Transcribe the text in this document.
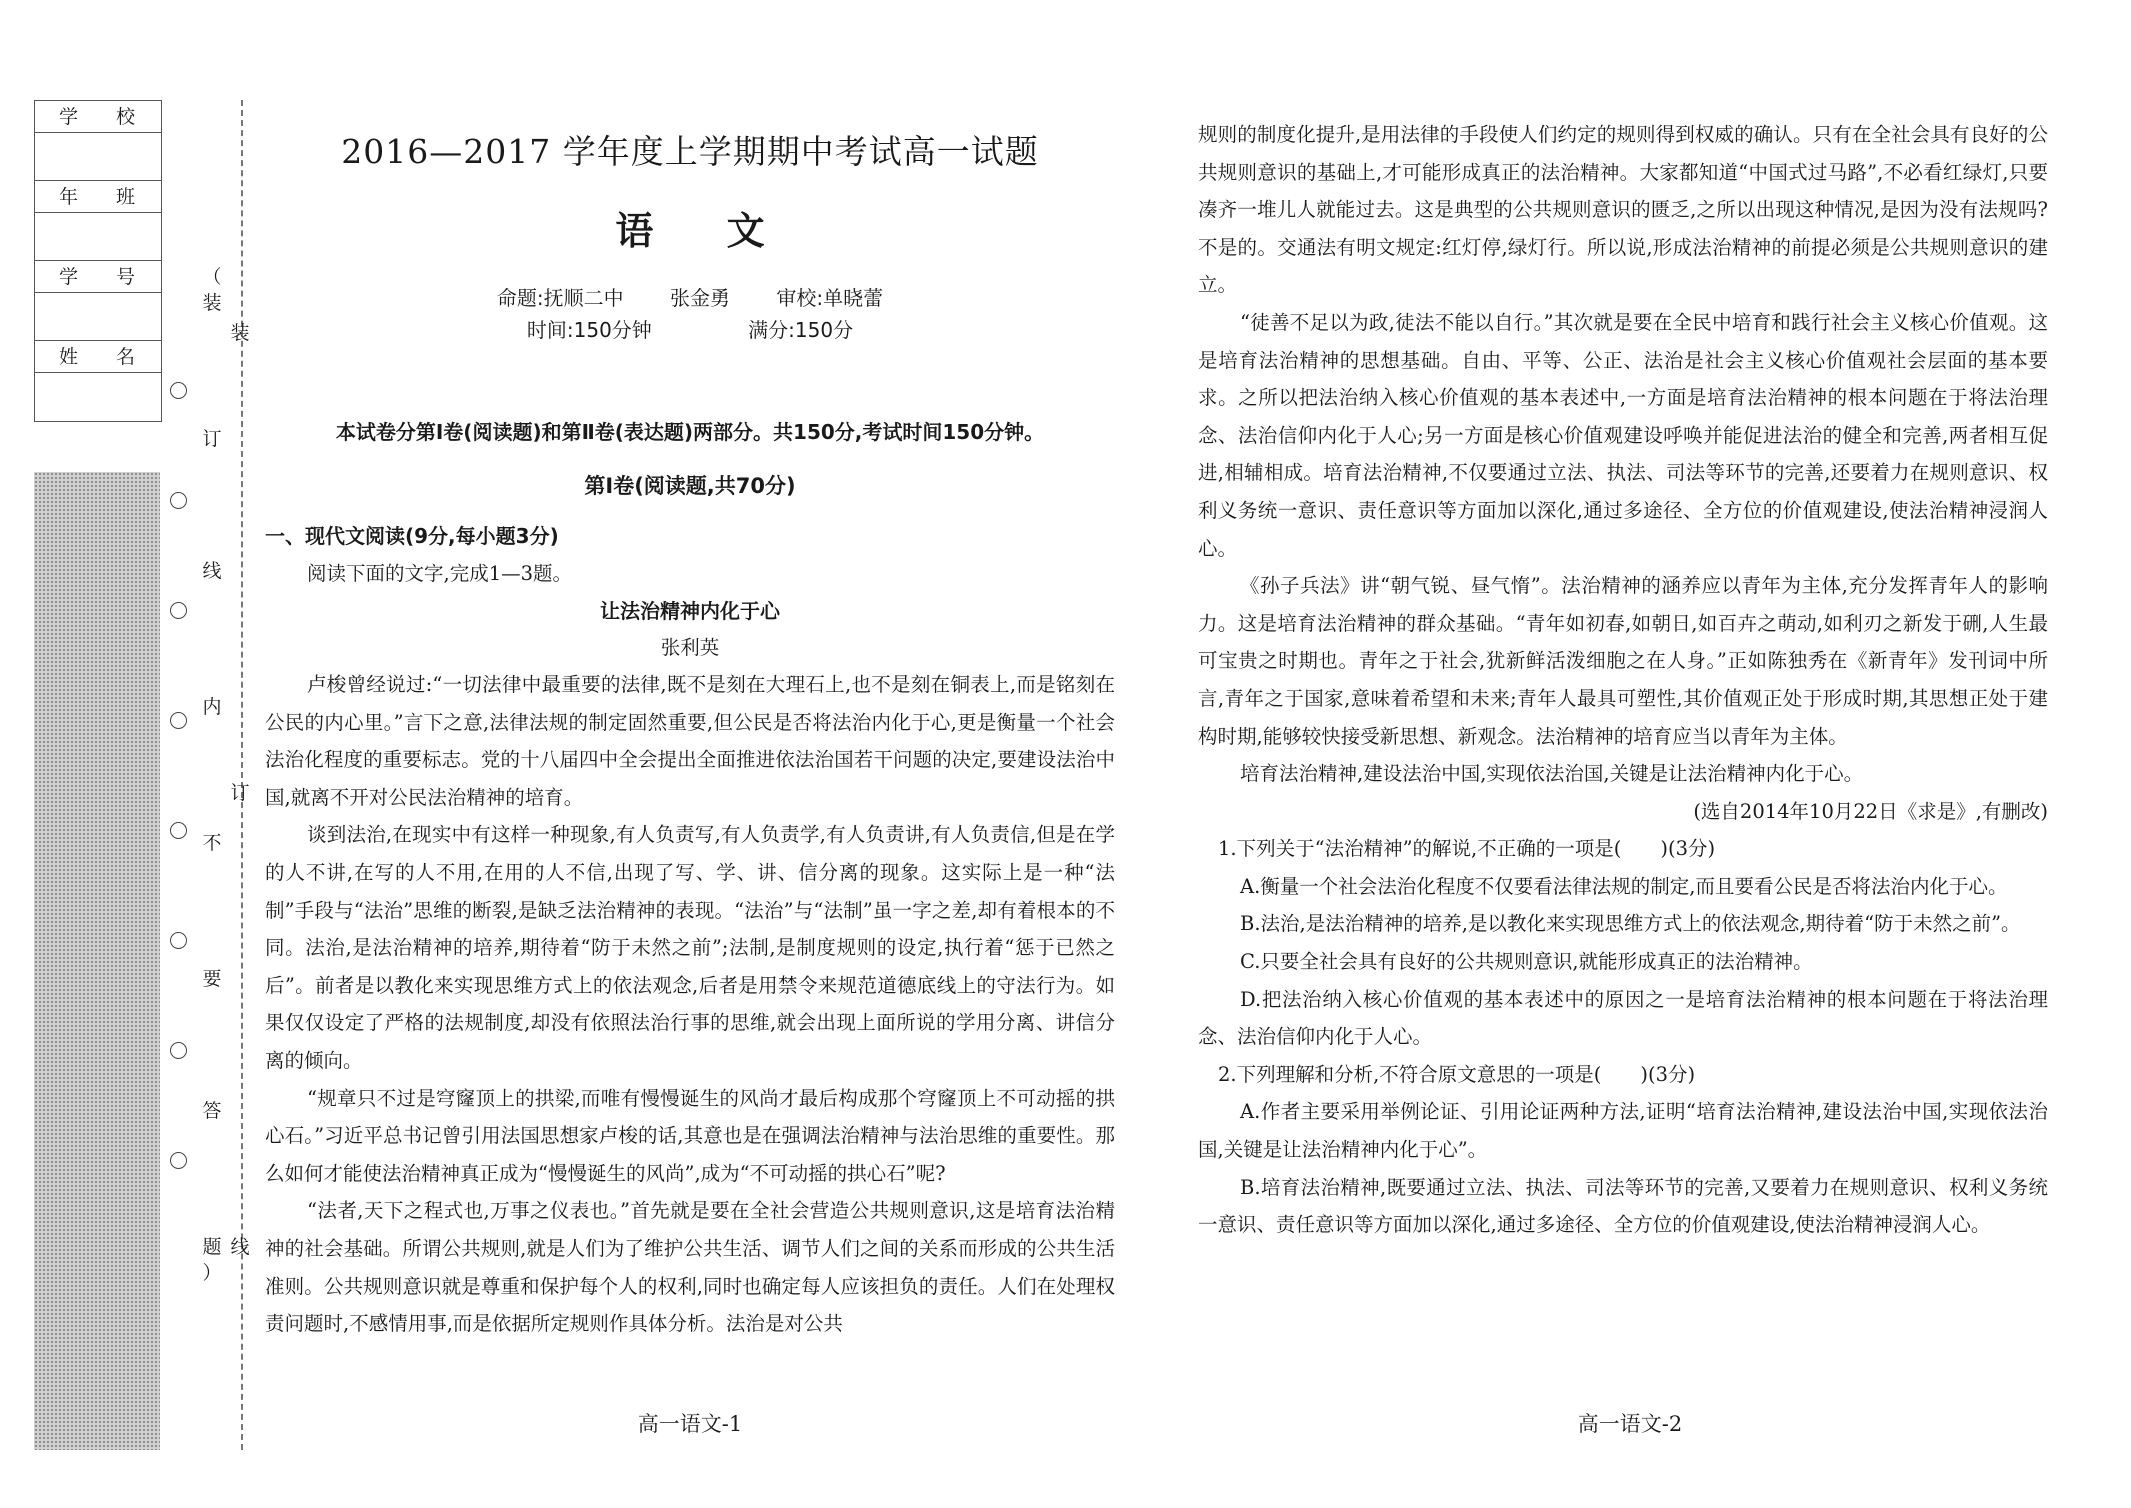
学 校
年 班
学 号
姓 名
（
装
订
线
内
不
要
答
题
）
装
订
线
2016—2017 学年度上学期期中考试高一试题
语 文
命题:抚顺二中 张金勇 审校:单晓蕾
时间:150分钟	满分:150分
本试卷分第Ⅰ卷(阅读题)和第Ⅱ卷(表达题)两部分。共150分,考试时间150分钟。
第Ⅰ卷(阅读题,共70分)
一、现代文阅读(9分,每小题3分)

阅读下面的文字,完成1—3题。

让法治精神内化于心
张利英

卢梭曾经说过:“一切法律中最重要的法律,既不是刻在大理石上,也不是刻在铜表上,而是铭刻在公民的内心里。”言下之意,法律法规的制定固然重要,但公民是否将法治内化于心,更是衡量一个社会法治化程度的重要标志。党的十八届四中全会提出全面推进依法治国若干问题的决定,要建设法治中国,就离不开对公民法治精神的培育。

谈到法治,在现实中有这样一种现象,有人负责写,有人负责学,有人负责讲,有人负责信,但是在学的人不讲,在写的人不用,在用的人不信,出现了写、学、讲、信分离的现象。这实际上是一种“法制”手段与“法治”思维的断裂,是缺乏法治精神的表现。“法治”与“法制”虽一字之差,却有着根本的不同。法治,是法治精神的培养,期待着“防于未然之前”;法制,是制度规则的设定,执行着“惩于已然之后”。前者是以教化来实现思维方式上的依法观念,后者是用禁令来规范道德底线上的守法行为。如果仅仅设定了严格的法规制度,却没有依照法治行事的思维,就会出现上面所说的学用分离、讲信分离的倾向。

“规章只不过是穹窿顶上的拱梁,而唯有慢慢诞生的风尚才最后构成那个穹窿顶上不可动摇的拱心石。”习近平总书记曾引用法国思想家卢梭的话,其意也是在强调法治精神与法治思维的重要性。那么如何才能使法治精神真正成为“慢慢诞生的风尚”,成为“不可动摇的拱心石”呢?

“法者,天下之程式也,万事之仪表也。”首先就是要在全社会营造公共规则意识,这是培育法治精神的社会基础。所谓公共规则,就是人们为了维护公共生活、调节人们之间的关系而形成的公共生活准则。公共规则意识就是尊重和保护每个人的权利,同时也确定每人应该担负的责任。人们在处理权责问题时,不感情用事,而是依据所定规则作具体分析。法治是对公共

高一语文-1

规则的制度化提升,是用法律的手段使人们约定的规则得到权威的确认。只有在全社会具有良好的公共规则意识的基础上,才可能形成真正的法治精神。大家都知道“中国式过马路”,不必看红绿灯,只要凑齐一堆儿人就能过去。这是典型的公共规则意识的匮乏,之所以出现这种情况,是因为没有法规吗?不是的。交通法有明文规定:红灯停,绿灯行。所以说,形成法治精神的前提必须是公共规则意识的建立。

“徒善不足以为政,徒法不能以自行。”其次就是要在全民中培育和践行社会主义核心价值观。这是培育法治精神的思想基础。自由、平等、公正、法治是社会主义核心价值观社会层面的基本要求。之所以把法治纳入核心价值观的基本表述中,一方面是培育法治精神的根本问题在于将法治理念、法治信仰内化于人心;另一方面是核心价值观建设呼唤并能促进法治的健全和完善,两者相互促进,相辅相成。培育法治精神,不仅要通过立法、执法、司法等环节的完善,还要着力在规则意识、权利义务统一意识、责任意识等方面加以深化,通过多途径、全方位的价值观建设,使法治精神浸润人心。

《孙子兵法》讲“朝气锐、昼气惰”。法治精神的涵养应以青年为主体,充分发挥青年人的影响力。这是培育法治精神的群众基础。“青年如初春,如朝日,如百卉之萌动,如利刃之新发于硎,人生最可宝贵之时期也。青年之于社会,犹新鲜活泼细胞之在人身。”正如陈独秀在《新青年》发刊词中所言,青年之于国家,意味着希望和未来;青年人最具可塑性,其价值观正处于形成时期,其思想正处于建构时期,能够较快接受新思想、新观念。法治精神的培育应当以青年为主体。

培育法治精神,建设法治中国,实现依法治国,关键是让法治精神内化于心。

(选自2014年10月22日《求是》,有删改)

1.下列关于“法治精神”的解说,不正确的一项是(　　)(3分)

A.衡量一个社会法治化程度不仅要看法律法规的制定,而且要看公民是否将法治内化于心。

B.法治,是法治精神的培养,是以教化来实现思维方式上的依法观念,期待着“防于未然之前”。

C.只要全社会具有良好的公共规则意识,就能形成真正的法治精神。

D.把法治纳入核心价值观的基本表述中的原因之一是培育法治精神的根本问题在于将法治理念、法治信仰内化于人心。

2.下列理解和分析,不符合原文意思的一项是(　　)(3分)

A.作者主要采用举例论证、引用论证两种方法,证明“培育法治精神,建设法治中国,实现依法治国,关键是让法治精神内化于心”。

B.培育法治精神,既要通过立法、执法、司法等环节的完善,又要着力在规则意识、权利义务统一意识、责任意识等方面加以深化,通过多途径、全方位的价值观建设,使法治精神浸润人心。

高一语文-2
